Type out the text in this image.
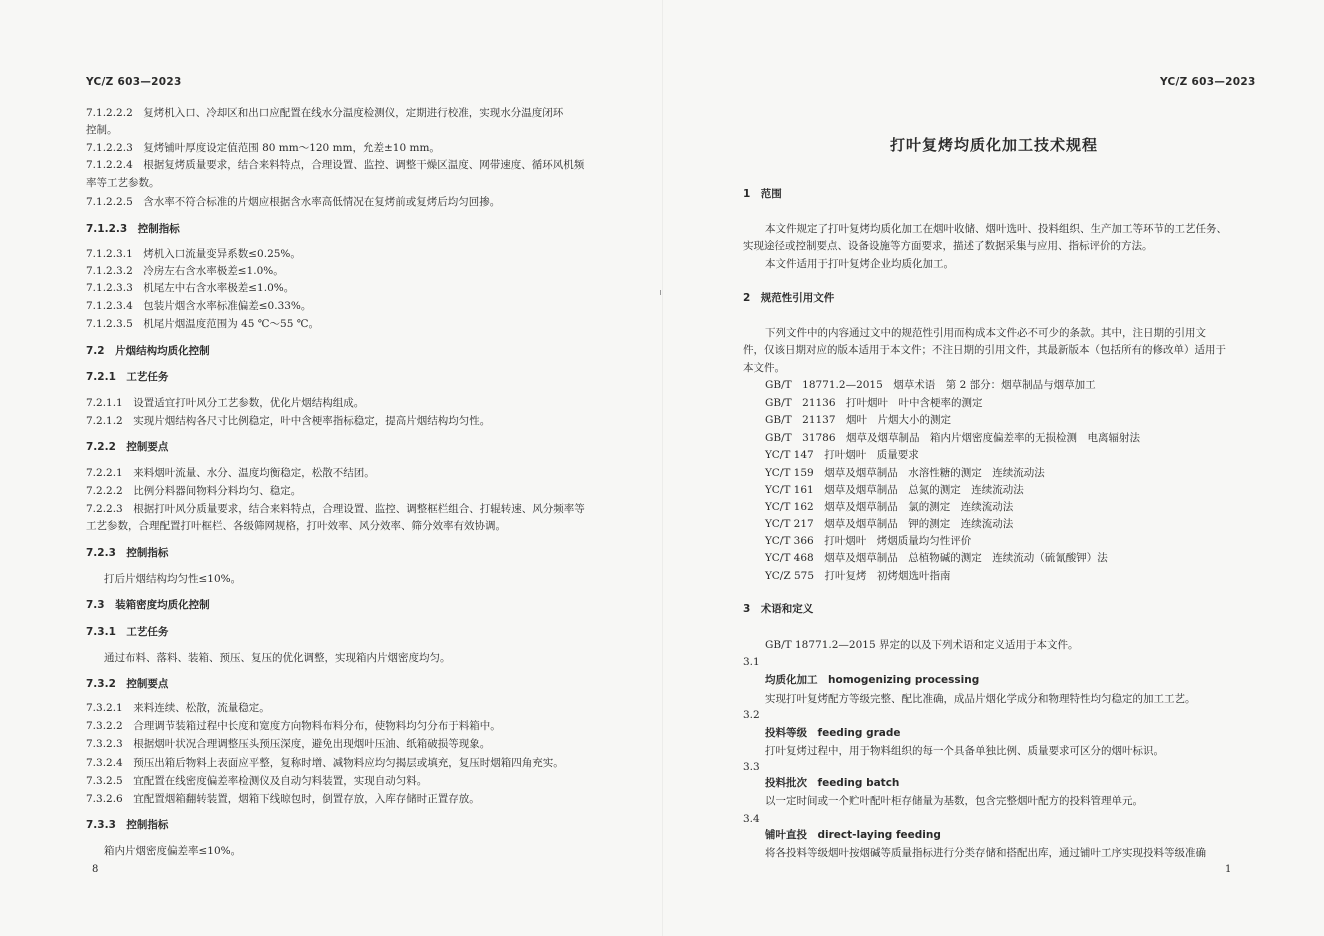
YC/Z 603—2023
7.1.2.2.2　复烤机入口、冷却区和出口应配置在线水分温度检测仪，定期进行校准，实现水分温度闭环
控制。
7.1.2.2.3　复烤铺叶厚度设定值范围 80 mm～120 mm，允差±10 mm。
7.1.2.2.4　根据复烤质量要求，结合来料特点，合理设置、监控、调整干燥区温度、网带速度、循环风机频
率等工艺参数。
7.1.2.2.5　含水率不符合标准的片烟应根据含水率高低情况在复烤前或复烤后均匀回掺。
7.1.2.3　控制指标
7.1.2.3.1　烤机入口流量变异系数≤0.25%。
7.1.2.3.2　冷房左右含水率极差≤1.0%。
7.1.2.3.3　机尾左中右含水率极差≤1.0%。
7.1.2.3.4　包装片烟含水率标准偏差≤0.33%。
7.1.2.3.5　机尾片烟温度范围为 45 ℃～55 ℃。
7.2　片烟结构均质化控制
7.2.1　工艺任务
7.2.1.1　设置适宜打叶风分工艺参数，优化片烟结构组成。
7.2.1.2　实现片烟结构各尺寸比例稳定，叶中含梗率指标稳定，提高片烟结构均匀性。
7.2.2　控制要点
7.2.2.1　来料烟叶流量、水分、温度均衡稳定，松散不结团。
7.2.2.2　比例分料器间物料分料均匀、稳定。
7.2.2.3　根据打叶风分质量要求，结合来料特点，合理设置、监控、调整框栏组合、打辊转速、风分频率等
工艺参数，合理配置打叶框栏、各级筛网规格，打叶效率、风分效率、筛分效率有效协调。
7.2.3　控制指标
打后片烟结构均匀性≤10%。
7.3　装箱密度均质化控制
7.3.1　工艺任务
通过布料、落料、装箱、预压、复压的优化调整，实现箱内片烟密度均匀。
7.3.2　控制要点
7.3.2.1　来料连续、松散，流量稳定。
7.3.2.2　合理调节装箱过程中长度和宽度方向物料布料分布，使物料均匀分布于料箱中。
7.3.2.3　根据烟叶状况合理调整压头预压深度，避免出现烟叶压油、纸箱破损等现象。
7.3.2.4　预压出箱后物料上表面应平整，复称时增、减物料应均匀揭层或填充，复压时烟箱四角充实。
7.3.2.5　宜配置在线密度偏差率检测仪及自动匀料装置，实现自动匀料。
7.3.2.6　宜配置烟箱翻转装置，烟箱下线晾包时，倒置存放，入库存储时正置存放。
7.3.3　控制指标
箱内片烟密度偏差率≤10%。
8
YC/Z 603—2023
打叶复烤均质化加工技术规程
1　范围
本文件规定了打叶复烤均质化加工在烟叶收储、烟叶选叶、投料组织、生产加工等环节的工艺任务、
实现途径或控制要点、设备设施等方面要求，描述了数据采集与应用、指标评价的方法。
本文件适用于打叶复烤企业均质化加工。
2　规范性引用文件
下列文件中的内容通过文中的规范性引用而构成本文件必不可少的条款。其中，注日期的引用文
件，仅该日期对应的版本适用于本文件；不注日期的引用文件，其最新版本（包括所有的修改单）适用于
本文件。
GB/T　18771.2—2015　烟草术语　第 2 部分：烟草制品与烟草加工
GB/T　21136　打叶烟叶　叶中含梗率的测定
GB/T　21137　烟叶　片烟大小的测定
GB/T　31786　烟草及烟草制品　箱内片烟密度偏差率的无损检测　电离辐射法
YC/T 147　打叶烟叶　质量要求
YC/T 159　烟草及烟草制品　水溶性糖的测定　连续流动法
YC/T 161　烟草及烟草制品　总氮的测定　连续流动法
YC/T 162　烟草及烟草制品　氯的测定　连续流动法
YC/T 217　烟草及烟草制品　钾的测定　连续流动法
YC/T 366　打叶烟叶　烤烟质量均匀性评价
YC/T 468　烟草及烟草制品　总植物碱的测定　连续流动（硫氰酸钾）法
YC/Z 575　打叶复烤　初烤烟选叶指南
3　术语和定义
GB/T 18771.2—2015 界定的以及下列术语和定义适用于本文件。
3.1
均质化加工　homogenizing processing
实现打叶复烤配方等级完整、配比准确，成品片烟化学成分和物理特性均匀稳定的加工工艺。
3.2
投料等级　feeding grade
打叶复烤过程中，用于物料组织的每一个具备单独比例、质量要求可区分的烟叶标识。
3.3
投料批次　feeding batch
以一定时间或一个贮叶配叶柜存储量为基数，包含完整烟叶配方的投料管理单元。
3.4
铺叶直投　direct-laying feeding
将各投料等级烟叶按烟碱等质量指标进行分类存储和搭配出库，通过铺叶工序实现投料等级准确
1
